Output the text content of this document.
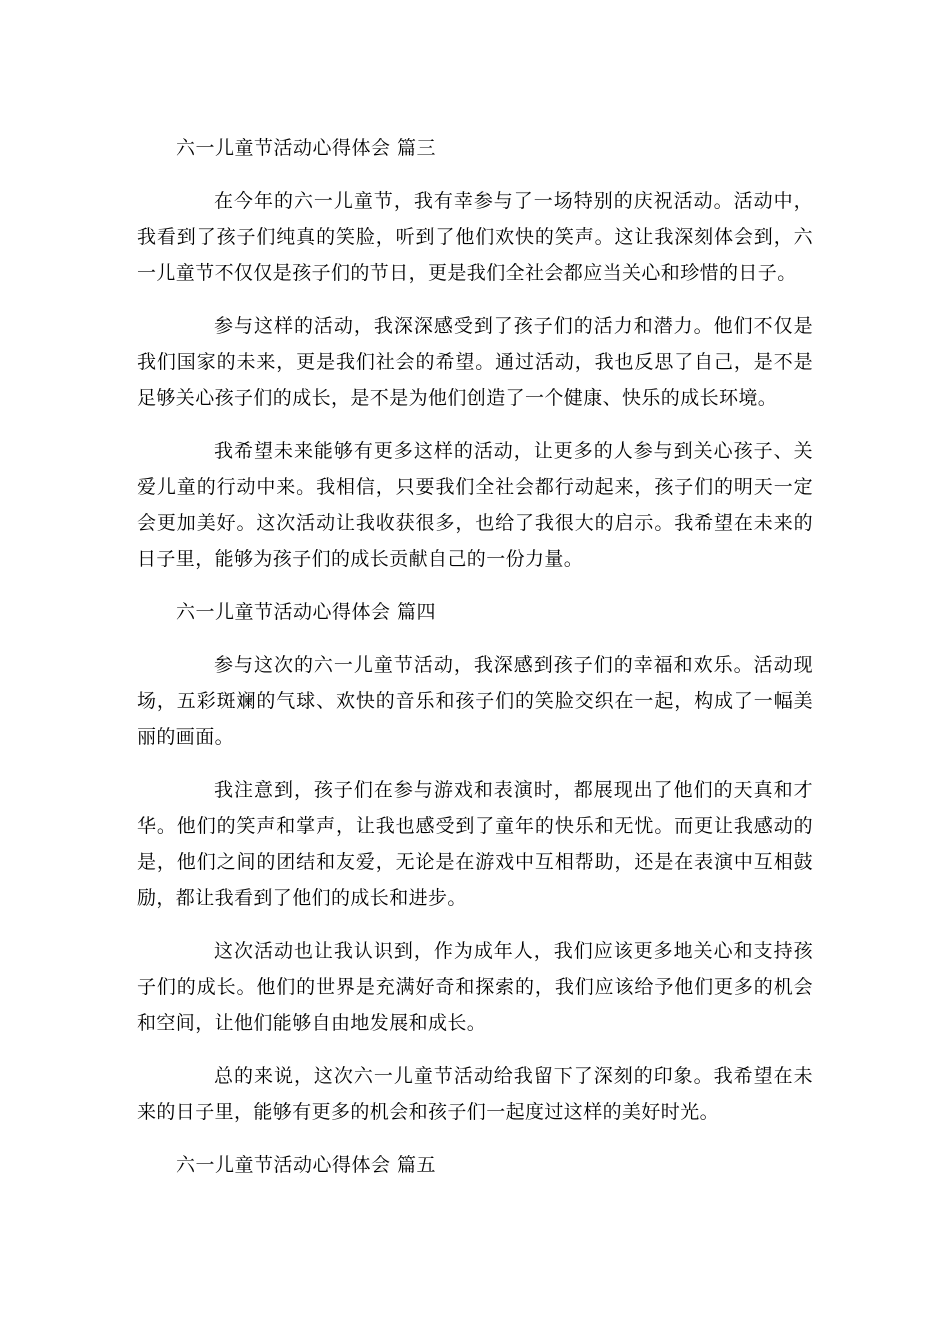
六一儿童节活动心得体会 篇三

在今年的六一儿童节，我有幸参与了一场特别的庆祝活动。活动中，我看到了孩子们纯真的笑脸，听到了他们欢快的笑声。这让我深刻体会到，六一儿童节不仅仅是孩子们的节日，更是我们全社会都应当关心和珍惜的日子。

参与这样的活动，我深深感受到了孩子们的活力和潜力。他们不仅是我们国家的未来，更是我们社会的希望。通过活动，我也反思了自己，是不是足够关心孩子们的成长，是不是为他们创造了一个健康、快乐的成长环境。

我希望未来能够有更多这样的活动，让更多的人参与到关心孩子、关爱儿童的行动中来。我相信，只要我们全社会都行动起来，孩子们的明天一定会更加美好。这次活动让我收获很多，也给了我很大的启示。我希望在未来的日子里，能够为孩子们的成长贡献自己的一份力量。

六一儿童节活动心得体会 篇四

参与这次的六一儿童节活动，我深感到孩子们的幸福和欢乐。活动现场，五彩斑斓的气球、欢快的音乐和孩子们的笑脸交织在一起，构成了一幅美丽的画面。

我注意到，孩子们在参与游戏和表演时，都展现出了他们的天真和才华。他们的笑声和掌声，让我也感受到了童年的快乐和无忧。而更让我感动的是，他们之间的团结和友爱，无论是在游戏中互相帮助，还是在表演中互相鼓励，都让我看到了他们的成长和进步。

这次活动也让我认识到，作为成年人，我们应该更多地关心和支持孩子们的成长。他们的世界是充满好奇和探索的，我们应该给予他们更多的机会和空间，让他们能够自由地发展和成长。

总的来说，这次六一儿童节活动给我留下了深刻的印象。我希望在未来的日子里，能够有更多的机会和孩子们一起度过这样的美好时光。

六一儿童节活动心得体会 篇五
